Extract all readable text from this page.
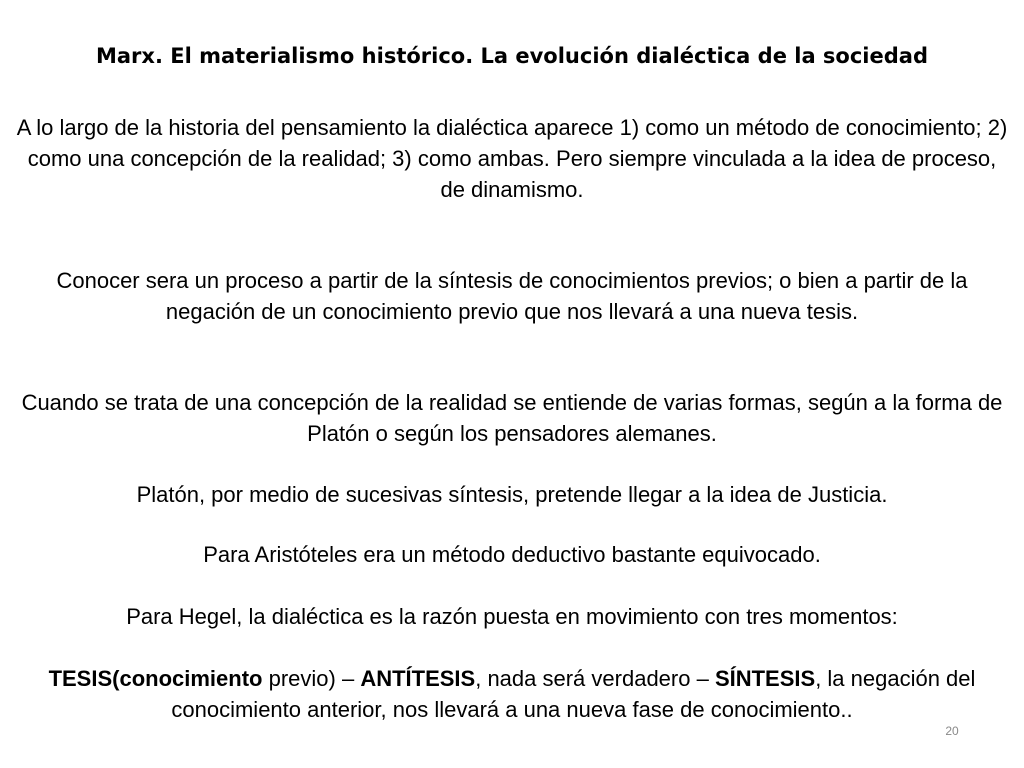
Marx. El materialismo histórico. La evolución dialéctica de la sociedad
A lo largo de la historia del pensamiento la dialéctica aparece 1) como un método de conocimiento; 2) como una concepción de la realidad; 3) como ambas. Pero siempre vinculada a la idea de proceso, de dinamismo.
Conocer sera un proceso a partir de la síntesis de conocimientos previos; o bien a partir de la negación de un conocimiento previo que nos llevará a una nueva tesis.
Cuando se trata de una concepción de la realidad se entiende de varias formas, según a la forma de Platón o según los pensadores alemanes.
Platón, por medio de sucesivas síntesis, pretende llegar a la idea de Justicia.
Para Aristóteles era un método deductivo bastante equivocado.
Para Hegel, la dialéctica es la razón puesta en movimiento con tres momentos:
TESIS(conocimiento previo) – ANTÍTESIS, nada será verdadero – SÍNTESIS, la negación del conocimiento anterior, nos llevará a una nueva fase de conocimiento..
20
